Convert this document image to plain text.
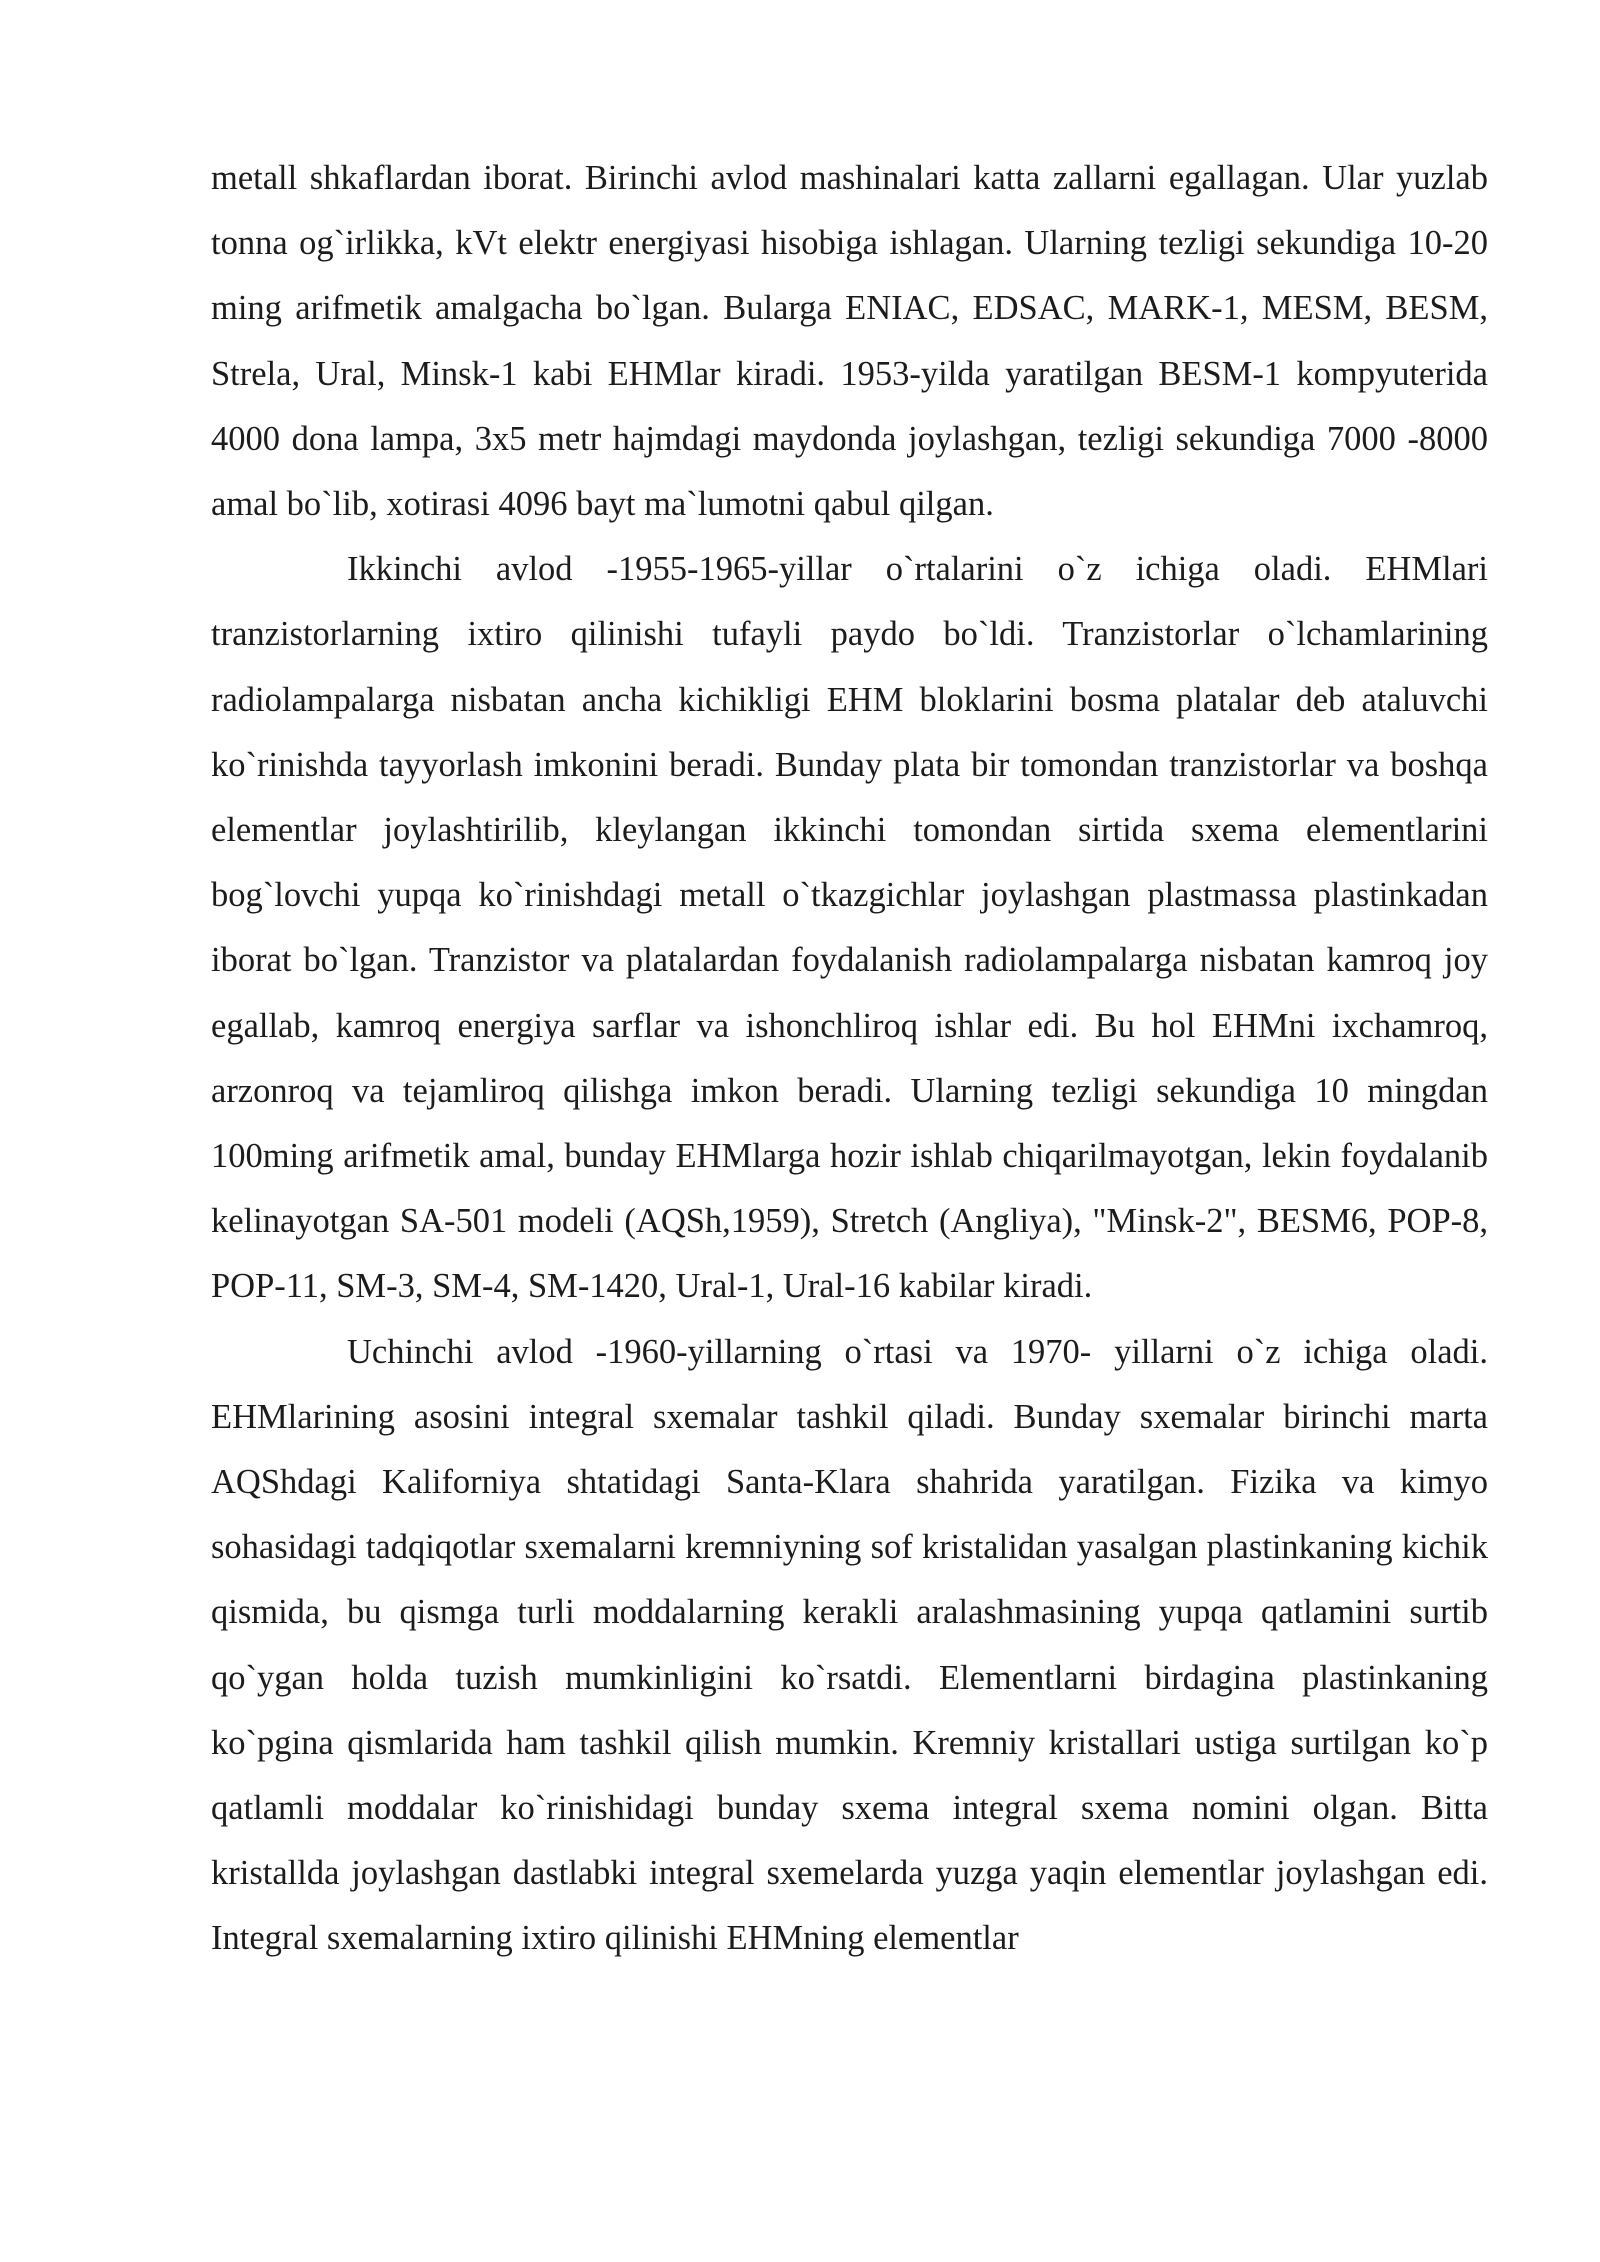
metall shkaflardan iborat. Birinchi avlod mashinalari katta zallarni egallagan. Ular yuzlab tonna og`irlikka, kVt elektr energiyasi hisobiga ishlagan. Ularning tezligi sekundiga 10-20 ming arifmetik amalgacha bo`lgan. Bularga ENIAC, EDSAC, MARK-1, MESM, BESM, Strela, Ural, Minsk-1 kabi EHMlar kiradi. 1953-yilda yaratilgan BESM-1 kompyuterida 4000 dona lampa, 3x5 metr hajmdagi maydonda joylashgan, tezligi sekundiga 7000 -8000 amal bo`lib, xotirasi 4096 bayt ma`lumotni qabul qilgan.

Ikkinchi avlod -1955-1965-yillar o`rtalarini o`z ichiga oladi. EHMlari tranzistorlarning ixtiro qilinishi tufayli paydo bo`ldi. Tranzistorlar o`lchamlarining radiolampalarga nisbatan ancha kichikligi EHM bloklarini bosma platalar deb ataluvchi ko`rinishda tayyorlash imkonini beradi. Bunday plata bir tomondan tranzistorlar va boshqa elementlar joylashtirilib, kleylangan ikkinchi tomondan sirtida sxema elementlarini bog`lovchi yupqa ko`rinishdagi metall o`tkazgichlar joylashgan plastmassa plastinkadan iborat bo`lgan. Tranzistor va platalardan foydalanish radiolampalarga nisbatan kamroq joy egallab, kamroq energiya sarflar va ishonchliroq ishlar edi. Bu hol EHMni ixchamroq, arzonroq va tejamliroq qilishga imkon beradi. Ularning tezligi sekundiga 10 mingdan 100ming arifmetik amal, bunday EHMlarga hozir ishlab chiqarilmayotgan, lekin foydalanib kelinayotgan SA-501 modeli (AQSh,1959), Stretch (Angliya), "Minsk-2", BESM6, POP-8, POP-11, SM-3, SM-4, SM-1420, Ural-1, Ural-16 kabilar kiradi.

Uchinchi avlod -1960-yillarning o`rtasi va 1970- yillarni o`z ichiga oladi. EHMlarining asosini integral sxemalar tashkil qiladi. Bunday sxemalar birinchi marta AQShdagi Kaliforniya shtatidagi Santa-Klara shahrida yaratilgan. Fizika va kimyo sohasidagi tadqiqotlar sxemalarni kremniyning sof kristalidan yasalgan plastinkaning kichik qismida, bu qismga turli moddalarning kerakli aralashmasining yupqa qatlamini surtib qo`ygan holda tuzish mumkinligini ko`rsatdi. Elementlarni birdagina plastinkaning ko`pgina qismlarida ham tashkil qilish mumkin. Kremniy kristallari ustiga surtilgan ko`p qatlamli moddalar ko`rinishidagi bunday sxema integral sxema nomini olgan. Bitta kristallda joylashgan dastlabki integral sxemelarda yuzga yaqin elementlar joylashgan edi. Integral sxemalarning ixtiro qilinishi EHMning elementlar
